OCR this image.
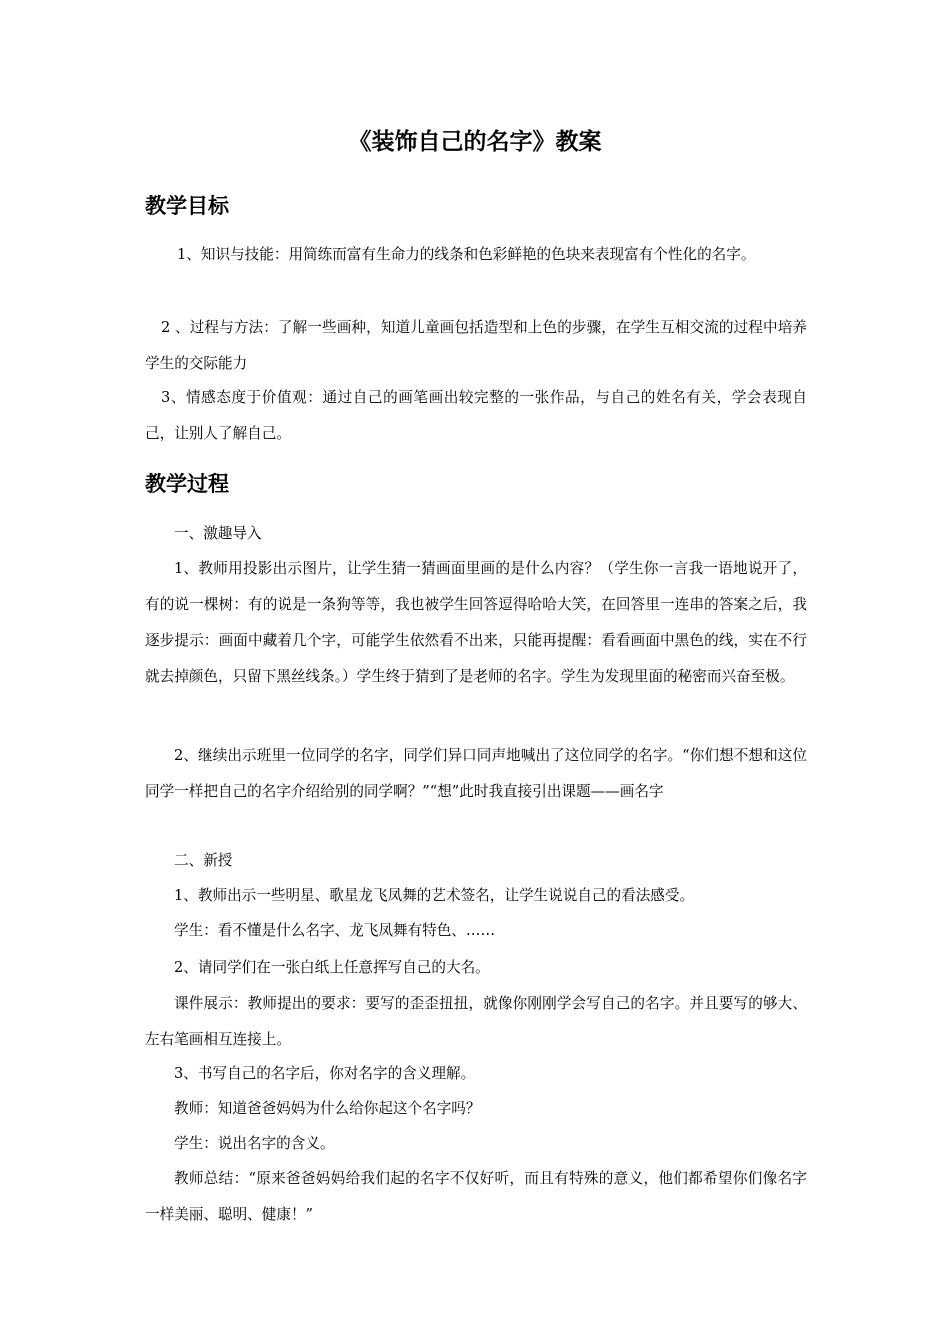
《装饰自己的名字》教案
教学目标

1、知识与技能：用简练而富有生命力的线条和色彩鲜艳的色块来表现富有个性化的名字。

2 、过程与方法：了解一些画种，知道儿童画包括造型和上色的步骤，在学生互相交流的过程中培养学生的交际能力

3、情感态度于价值观：通过自己的画笔画出较完整的一张作品，与自己的姓名有关，学会表现自己，让别人了解自己。

教学过程

一、激趣导入

1、教师用投影出示图片，让学生猜一猜画面里画的是什么内容？（学生你一言我一语地说开了，有的说一棵树：有的说是一条狗等等，我也被学生回答逗得哈哈大笑，在回答里一连串的答案之后，我逐步提示：画面中藏着几个字，可能学生依然看不出来，只能再提醒：看看画面中黑色的线，实在不行就去掉颜色，只留下黑丝线条。）学生终于猜到了是老师的名字。学生为发现里面的秘密而兴奋至极。

2、继续出示班里一位同学的名字，同学们异口同声地喊出了这位同学的名字。“你们想不想和这位同学一样把自己的名字介绍给别的同学啊？”“想”此时我直接引出课题——画名字

二、新授

1、教师出示一些明星、歌星龙飞凤舞的艺术签名，让学生说说自己的看法感受。

学生：看不懂是什么名字、龙飞凤舞有特色、……

2、请同学们在一张白纸上任意挥写自己的大名。

课件展示：教师提出的要求：要写的歪歪扭扭，就像你刚刚学会写自己的名字。并且要写的够大、左右笔画相互连接上。

3、书写自己的名字后，你对名字的含义理解。

教师：知道爸爸妈妈为什么给你起这个名字吗？

学生：说出名字的含义。

教师总结：“原来爸爸妈妈给我们起的名字不仅好听，而且有特殊的意义，他们都希望你们像名字一样美丽、聪明、健康！”
